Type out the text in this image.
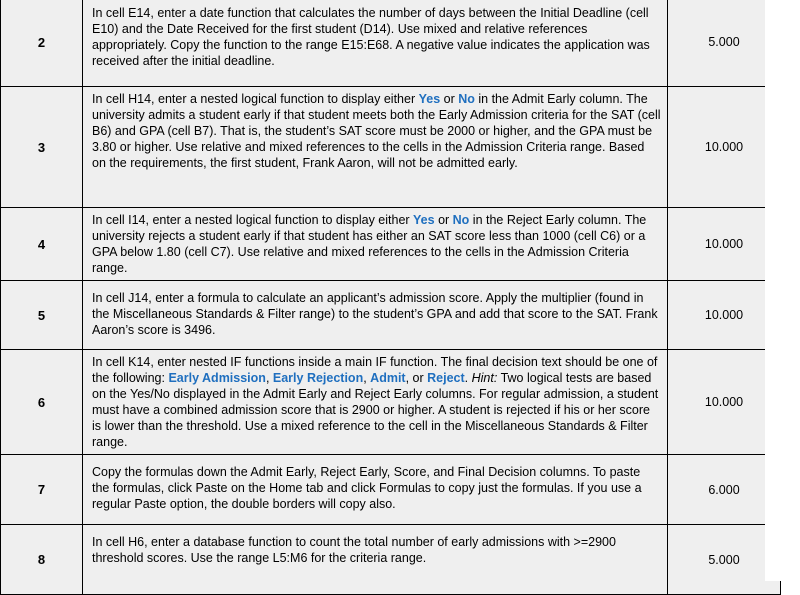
2	In cell E14, enter a date function that calculates the number of days between the Initial Deadline (cell E10) and the Date Received for the first student (D14). Use mixed and relative references appropriately. Copy the function to the range E15:E68. A negative value indicates the application was received after the initial deadline.	5.000
3	In cell H14, enter a nested logical function to display either Yes or No in the Admit Early column. The university admits a student early if that student meets both the Early Admission criteria for the SAT (cell B6) and GPA (cell B7). That is, the student’s SAT score must be 2000 or higher, and the GPA must be 3.80 or higher. Use relative and mixed references to the cells in the Admission Criteria range. Based on the requirements, the first student, Frank Aaron, will not be admitted early.	10.000
4	In cell I14, enter a nested logical function to display either Yes or No in the Reject Early column. The university rejects a student early if that student has either an SAT score less than 1000 (cell C6) or a GPA below 1.80 (cell C7). Use relative and mixed references to the cells in the Admission Criteria range.	10.000
5	In cell J14, enter a formula to calculate an applicant’s admission score. Apply the multiplier (found in the Miscellaneous Standards & Filter range) to the student’s GPA and add that score to the SAT. Frank Aaron’s score is 3496.	10.000
6	In cell K14, enter nested IF functions inside a main IF function. The final decision text should be one of the following: Early Admission, Early Rejection, Admit, or Reject. Hint: Two logical tests are based on the Yes/No displayed in the Admit Early and Reject Early columns. For regular admission, a student must have a combined admission score that is 2900 or higher. A student is rejected if his or her score is lower than the threshold. Use a mixed reference to the cell in the Miscellaneous Standards & Filter range.	10.000
7	Copy the formulas down the Admit Early, Reject Early, Score, and Final Decision columns. To paste the formulas, click Paste on the Home tab and click Formulas to copy just the formulas. If you use a regular Paste option, the double borders will copy also.	6.000
8	In cell H6, enter a database function to count the total number of early admissions with >=2900 threshold scores. Use the range L5:M6 for the criteria range.	5.000
